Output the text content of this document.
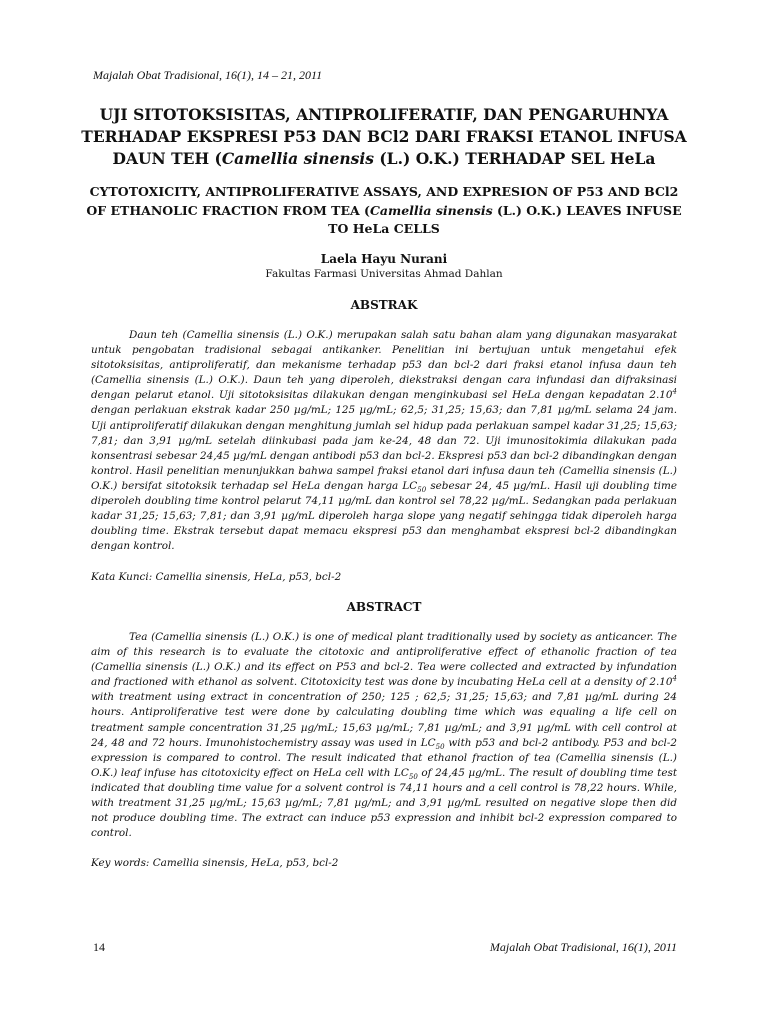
Majalah Obat Tradisional, 16(1), 14 – 21, 2011
UJI SITOTOKSISITAS, ANTIPROLIFERATIF, DAN PENGARUHNYA
TERHADAP EKSPRESI P53 DAN BCl2 DARI FRAKSI ETANOL INFUSA
DAUN TEH (Camellia sinensis (L.) O.K.) TERHADAP SEL HeLa
CYTOTOXICITY, ANTIPROLIFERATIVE ASSAYS, AND EXPRESION OF P53 AND BCl2
OF ETHANOLIC FRACTION FROM TEA (Camellia sinensis (L.) O.K.) LEAVES INFUSE
TO HeLa CELLS
Laela Hayu Nurani
Fakultas Farmasi Universitas Ahmad Dahlan
ABSTRAK

Daun teh (Camellia sinensis (L.) O.K.) merupakan salah satu bahan alam yang digunakan masyarakat untuk pengobatan tradisional sebagai antikanker. Penelitian ini bertujuan untuk mengetahui efek sitotoksisitas, antiproliferatif, dan mekanisme terhadap p53 dan bcl-2 dari fraksi etanol infusa daun teh (Camellia sinensis (L.) O.K.). Daun teh yang diperoleh, diekstraksi dengan cara infundasi dan difraksinasi dengan pelarut etanol. Uji sitotoksisitas dilakukan dengan menginkubasi sel HeLa dengan kepadatan 2.10$^4$ dengan perlakuan ekstrak kadar 250 µg/mL; 125 µg/mL; 62,5; 31,25; 15,63; dan 7,81 µg/mL selama 24 jam. Uji antiproliferatif dilakukan dengan menghitung jumlah sel hidup pada perlakuan sampel kadar 31,25; 15,63; 7,81; dan 3,91 µg/mL setelah diinkubasi pada jam ke-24, 48 dan 72. Uji imunositokimia dilakukan pada konsentrasi sebesar 24,45 µg/mL dengan antibodi p53 dan bcl-2. Ekspresi p53 dan bcl-2 dibandingkan dengan kontrol. Hasil penelitian menunjukkan bahwa sampel fraksi etanol dari infusa daun teh (Camellia sinensis (L.) O.K.) bersifat sitotoksik terhadap sel HeLa dengan harga $LC_{50}$ sebesar 24, 45 µg/mL. Hasil uji doubling time diperoleh doubling time kontrol pelarut 74,11 µg/mL dan kontrol sel 78,22 µg/mL. Sedangkan pada perlakuan kadar 31,25; 15,63; 7,81; dan 3,91 µg/mL diperoleh harga slope yang negatif sehingga tidak diperoleh harga doubling time. Ekstrak tersebut dapat memacu ekspresi p53 dan menghambat ekspresi bcl-2 dibandingkan dengan kontrol.

Kata Kunci: Camellia sinensis, HeLa, p53, bcl-2
ABSTRACT

Tea (Camellia sinensis (L.) O.K.) is one of medical plant traditionally used by society as anticancer. The aim of this research is to evaluate the citotoxic and antiproliferative effect of ethanolic fraction of tea (Camellia sinensis (L.) O.K.) and its effect on P53 and bcl-2. Tea were collected and extracted by infundation and fractioned with ethanol as solvent. Citotoxicity test was done by incubating HeLa cell at a density of 2.10$^4$ with treatment using extract in concentration of 250; 125 ; 62,5; 31,25; 15,63; and 7,81 µg/mL during 24 hours. Antiproliferative test were done by calculating doubling time which was equaling a life cell on treatment sample concentration 31,25 µg/mL; 15,63 µg/mL; 7,81 µg/mL; and 3,91 µg/mL with cell control at 24, 48 and 72 hours. Imunohistochemistry assay was used in $LC_{50}$ with p53 and bcl-2 antibody. P53 and bcl-2 expression is compared to control. The result indicated that ethanol fraction of tea (Camellia sinensis (L.) O.K.) leaf infuse has citotoxicity effect on HeLa cell with $LC_{50}$ of 24,45 µg/mL. The result of doubling time test indicated that doubling time value for a solvent control is 74,11 hours and a cell control is 78,22 hours. While, with treatment 31,25 µg/mL; 15,63 µg/mL; 7,81 µg/mL; and 3,91 µg/mL resulted on negative slope then did not produce doubling time. The extract can induce p53 expression and inhibit bcl-2 expression compared to control.

Key words: Camellia sinensis, HeLa, p53, bcl-2
14	Majalah Obat Tradisional, 16(1), 2011
